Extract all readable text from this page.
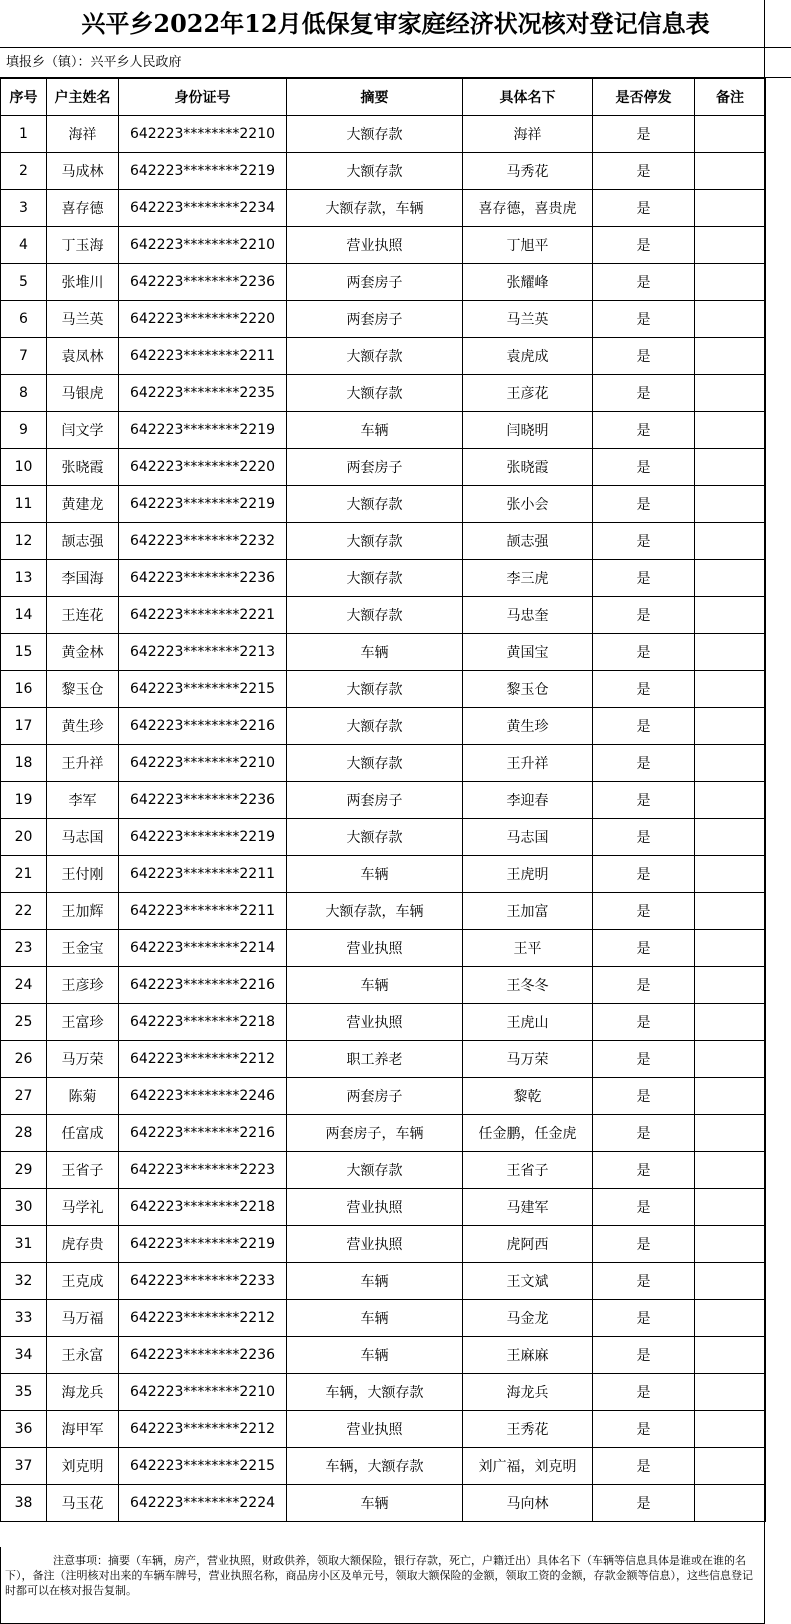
兴平乡2022年12月低保复审家庭经济状况核对登记信息表
填报乡（镇）：兴平乡人民政府
序号	户主姓名	身份证号	摘要	具体名下	是否停发	备注
1	海祥	642223********2210	大额存款	海祥	是	
2	马成林	642223********2219	大额存款	马秀花	是	
3	喜存德	642223********2234	大额存款，车辆	喜存德，喜贵虎	是	
4	丁玉海	642223********2210	营业执照	丁旭平	是	
5	张堆川	642223********2236	两套房子	张耀峰	是	
6	马兰英	642223********2220	两套房子	马兰英	是	
7	袁凤林	642223********2211	大额存款	袁虎成	是	
8	马银虎	642223********2235	大额存款	王彦花	是	
9	闫文学	642223********2219	车辆	闫晓明	是	
10	张晓霞	642223********2220	两套房子	张晓霞	是	
11	黄建龙	642223********2219	大额存款	张小会	是	
12	颉志强	642223********2232	大额存款	颉志强	是	
13	李国海	642223********2236	大额存款	李三虎	是	
14	王连花	642223********2221	大额存款	马忠奎	是	
15	黄金林	642223********2213	车辆	黄国宝	是	
16	黎玉仓	642223********2215	大额存款	黎玉仓	是	
17	黄生珍	642223********2216	大额存款	黄生珍	是	
18	王升祥	642223********2210	大额存款	王升祥	是	
19	李军	642223********2236	两套房子	李迎春	是	
20	马志国	642223********2219	大额存款	马志国	是	
21	王付刚	642223********2211	车辆	王虎明	是	
22	王加辉	642223********2211	大额存款，车辆	王加富	是	
23	王金宝	642223********2214	营业执照	王平	是	
24	王彦珍	642223********2216	车辆	王冬冬	是	
25	王富珍	642223********2218	营业执照	王虎山	是	
26	马万荣	642223********2212	职工养老	马万荣	是	
27	陈菊	642223********2246	两套房子	黎乾	是	
28	任富成	642223********2216	两套房子，车辆	任金鹏，任金虎	是	
29	王省子	642223********2223	大额存款	王省子	是	
30	马学礼	642223********2218	营业执照	马建军	是	
31	虎存贵	642223********2219	营业执照	虎阿西	是	
32	王克成	642223********2233	车辆	王文斌	是	
33	马万福	642223********2212	车辆	马金龙	是	
34	王永富	642223********2236	车辆	王麻麻	是	
35	海龙兵	642223********2210	车辆，大额存款	海龙兵	是	
36	海甲军	642223********2212	营业执照	王秀花	是	
37	刘克明	642223********2215	车辆，大额存款	刘广福，刘克明	是	
38	马玉花	642223********2224	车辆	马向林	是	
注意事项：摘要（车辆，房产，营业执照，财政供养，领取大额保险，银行存款，死亡，户籍迁出）具体名下（车辆等信息具体是谁或在谁的名下），备注（注明核对出来的车辆车牌号，营业执照名称，商品房小区及单元号，领取大额保险的金额，领取工资的金额，存款金额等信息），这些信息登记时都可以在核对报告复制。
